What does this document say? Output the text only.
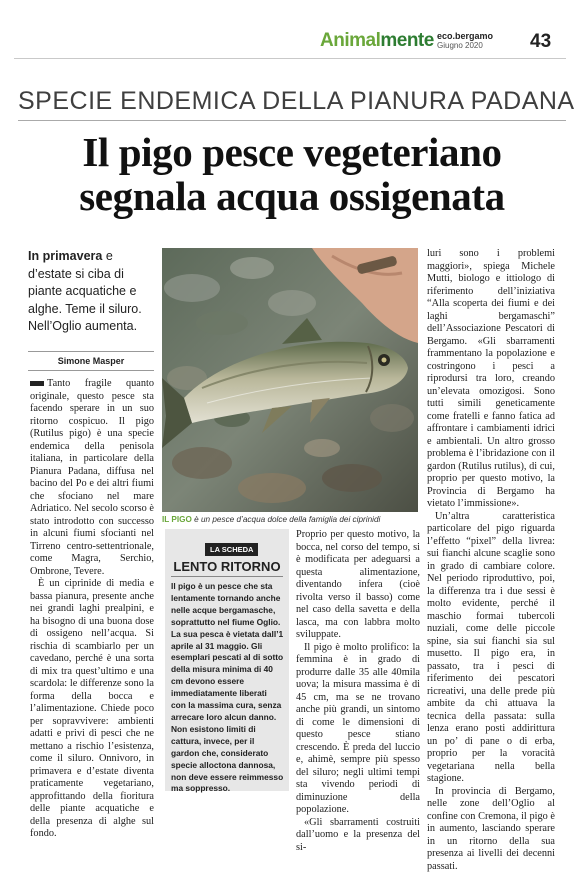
Animalmente eco.bergamo
Giugno 2020	43
SPECIE ENDEMICA DELLA PIANURA PADANA
Il pigo pesce vegeteriano
segnala acqua ossigenata
In primavera e d’estate si ciba di piante acquatiche e alghe. Teme il siluro. Nell’Oglio aumenta.
Simone Masper

Tanto fragile quanto originale, questo pesce sta facendo sperare in un suo ritorno cospicuo. Il pigo (Rutilus pigo) è una specie endemica della penisola italiana, in particolare della Pianura Padana, diffusa nel bacino del Po e dei altri fiumi che sfociano nel mare Adriatico. Nel secolo scorso è stato introdotto con successo in alcuni fiumi sfocianti nel Tirreno centro-settentrionale, come Magra, Serchio, Ombrone, Tevere.

È un ciprinide di media e bassa pianura, presente anche nei grandi laghi prealpini, e ha bisogno di una buona dose di ossigeno nell’acqua. Si rischia di scambiarlo per un cavedano, perché è una sorta di mix tra quest’ultimo e una scardola: le differenze sono la forma della bocca e l’alimentazione. Chiede poco per sopravvivere: ambienti adatti e privi di pesci che ne mettano a rischio l’esistenza, come il siluro. Onnivoro, in primavera e d’estate diventa praticamente vegetariano, approfittando della fioritura delle piante acquatiche e della presenza di alghe sul fondo.

IL PIGO è un pesce d’acqua dolce della famiglia dei ciprinidi
LA SCHEDA
LENTO RITORNO
Il pigo è un pesce che sta lentamente tornando anche nelle acque bergamasche, soprattutto nel fiume Oglio. La sua pesca è vietata dall’1 aprile al 31 maggio. Gli esemplari pescati al di sotto della misura minima di 40 cm devono essere immediatamente liberati con la massima cura, senza arrecare loro alcun danno. Non esistono limiti di cattura, invece, per il gardon che, considerato specie alloctona dannosa, non deve essere reimmesso ma soppresso.

Proprio per questo motivo, la bocca, nel corso del tempo, si è modificata per adeguarsi a questa alimentazione, diventando infera (cioè rivolta verso il basso) come nel caso della savetta e della lasca, ma con labbra molto sviluppate.

Il pigo è molto prolifico: la femmina è in grado di produrre dalle 35 alle 40mila uova; la misura massima è di 45 cm, ma se ne trovano anche più grandi, un sintomo di come le dimensioni di questo pesce stiano crescendo. È preda del luccio e, ahimè, sempre più spesso del siluro; negli ultimi tempi sta vivendo periodi di diminuzione della popolazione.

«Gli sbarramenti costruiti dall’uomo e la presenza del si-

luri sono i problemi maggiori», spiega Michele Mutti, biologo e ittiologo di riferimento dell’iniziativa “Alla scoperta dei fiumi e dei laghi bergamaschi” dell’Associazione Pescatori di Bergamo. «Gli sbarramenti frammentano la popolazione e costringono i pesci a riprodursi tra loro, creando un’elevata omozigosi. Sono tutti simili geneticamente come fratelli e fanno fatica ad affrontare i cambiamenti idrici e ambientali. Un altro grosso problema è l’ibridazione con il gardon (Rutilus rutilus), di cui, proprio per questo motivo, la Provincia di Bergamo ha vietato l’immissione».

Un’altra caratteristica particolare del pigo riguarda l’effetto “pixel” della livrea: sui fianchi alcune scaglie sono in grado di cambiare colore. Nel periodo riproduttivo, poi, la differenza tra i due sessi è molto evidente, perché il maschio formai tubercoli nuziali, come delle piccole spine, sia sui fianchi sia sul musetto. Il pigo era, in passato, tra i pesci di riferimento dei pescatori ricreativi, una delle prede più ambite da chi attuava la tecnica della passata: sulla lenza erano posti addirittura un po’ di pane o di erba, proprio per la voracità vegetariana nella bella stagione.

In provincia di Bergamo, nelle zone dell’Oglio al confine con Cremona, il pigo è in aumento, lasciando sperare in un ritorno della sua presenza ai livelli dei decenni passati.
